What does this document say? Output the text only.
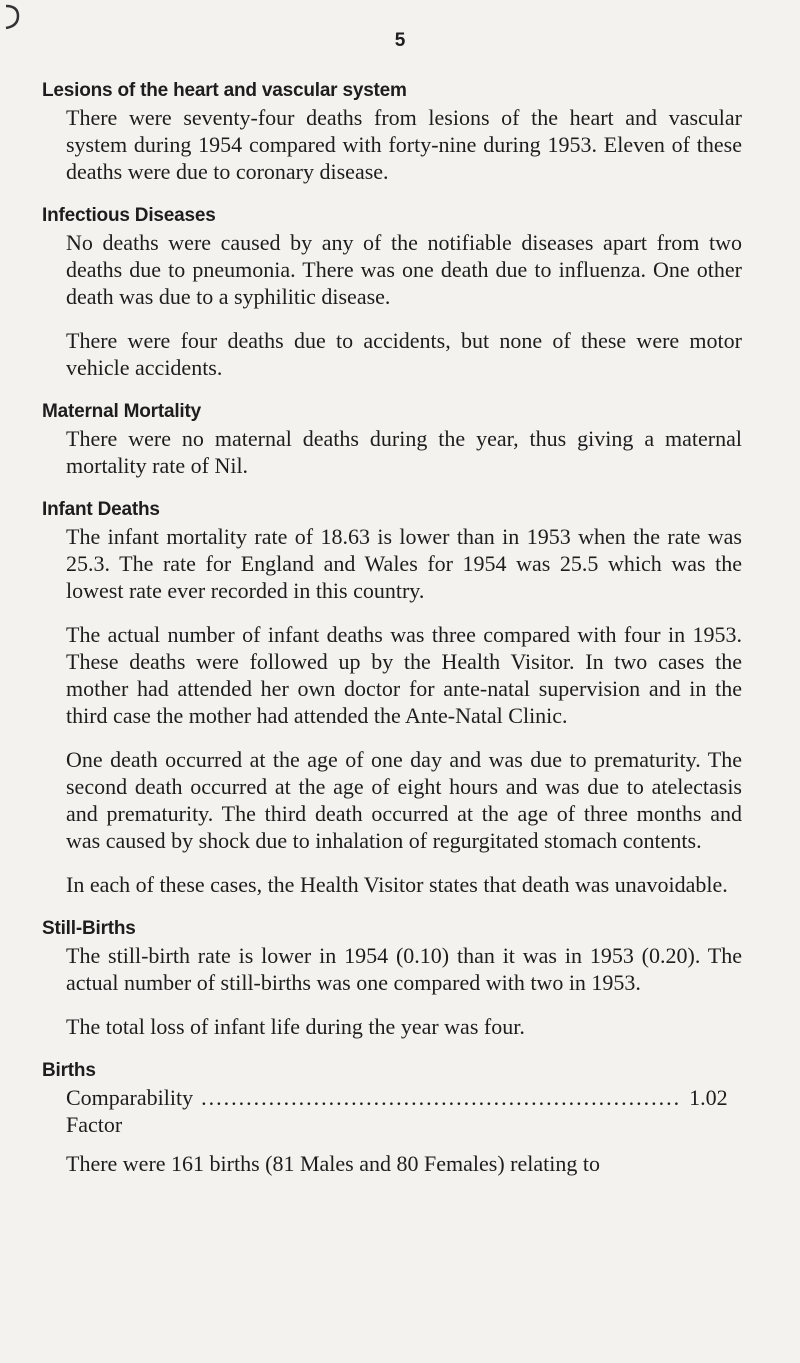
5
Lesions of the heart and vascular system

There were seventy-four deaths from lesions of the heart and vascular system during 1954 compared with forty-nine during 1953. Eleven of these deaths were due to coronary disease.

Infectious Diseases

No deaths were caused by any of the notifiable diseases apart from two deaths due to pneumonia. There was one death due to influenza. One other death was due to a syphilitic disease.

There were four deaths due to accidents, but none of these were motor vehicle accidents.

Maternal Mortality

There were no maternal deaths during the year, thus giving a maternal mortality rate of Nil.

Infant Deaths

The infant mortality rate of 18.63 is lower than in 1953 when the rate was 25.3. The rate for England and Wales for 1954 was 25.5 which was the lowest rate ever recorded in this country.

The actual number of infant deaths was three compared with four in 1953. These deaths were followed up by the Health Visitor. In two cases the mother had attended her own doctor for ante-natal supervision and in the third case the mother had attended the Ante-Natal Clinic.

One death occurred at the age of one day and was due to prematurity. The second death occurred at the age of eight hours and was due to atelectasis and prematurity. The third death occurred at the age of three months and was caused by shock due to inhalation of regurgitated stomach contents.

In each of these cases, the Health Visitor states that death was unavoidable.

Still-Births

The still-birth rate is lower in 1954 (0.10) than it was in 1953 (0.20). The actual number of still-births was one compared with two in 1953.

The total loss of infant life during the year was four.

Births
Comparability Factor
................................................................ 1.02
There were 161 births (81 Males and 80 Females) relating to
